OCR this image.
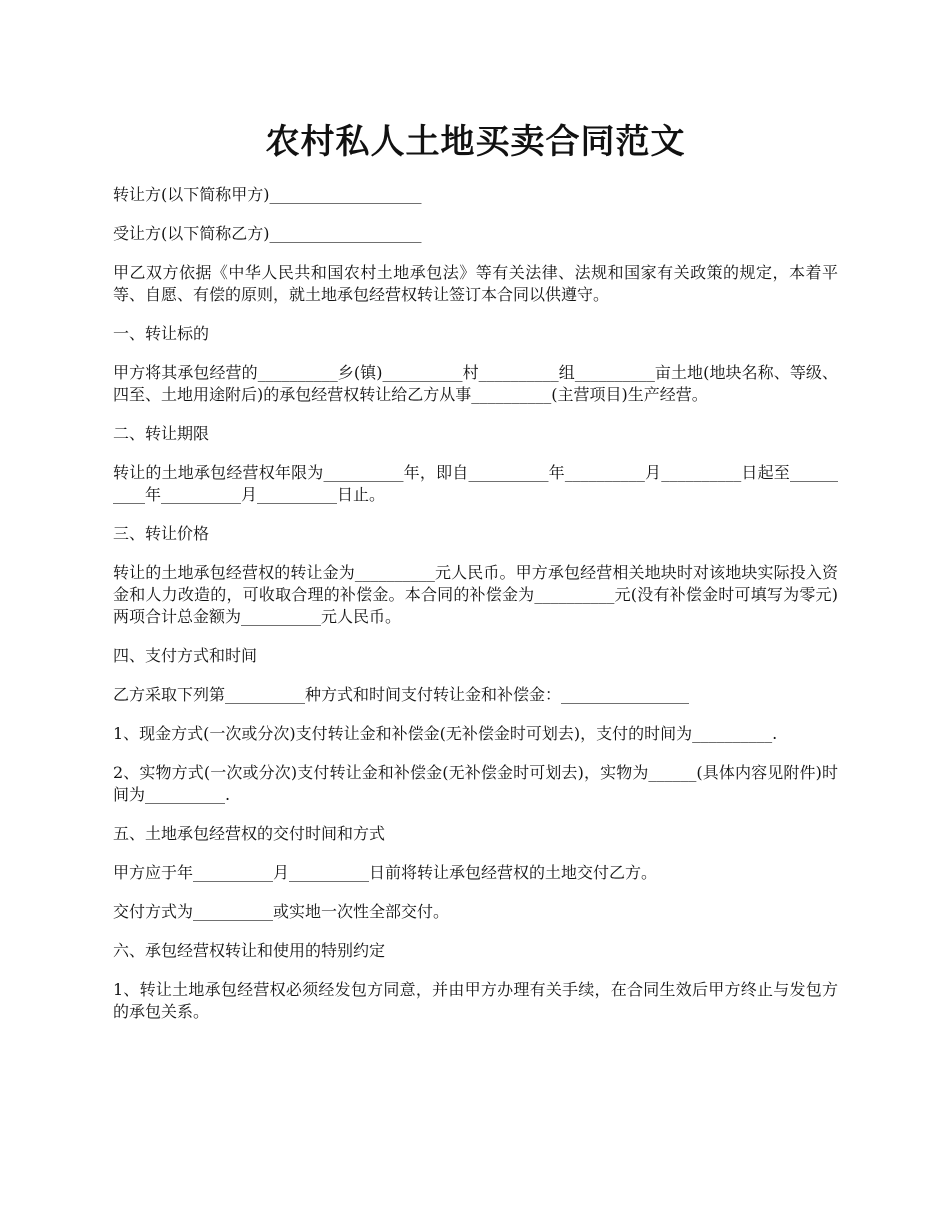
农村私人土地买卖合同范文

转让方(以下简称甲方)___________________

受让方(以下简称乙方)___________________

甲乙双方依据《中华人民共和国农村土地承包法》等有关法律、法规和国家有关政策的规定，本着平等、自愿、有偿的原则，就土地承包经营权转让签订本合同以供遵守。

一、转让标的

甲方将其承包经营的__________乡(镇)__________村__________组__________亩土地(地块名称、等级、四至、土地用途附后)的承包经营权转让给乙方从事__________(主营项目)生产经营。

二、转让期限

转让的土地承包经营权年限为__________年，即自__________年__________月__________日起至__________年__________月__________日止。

三、转让价格

转让的土地承包经营权的转让金为__________元人民币。甲方承包经营相关地块时对该地块实际投入资金和人力改造的，可收取合理的补偿金。本合同的补偿金为__________元(没有补偿金时可填写为零元)两项合计总金额为__________元人民币。

四、支付方式和时间

乙方采取下列第__________种方式和时间支付转让金和补偿金：________________

1、现金方式(一次或分次)支付转让金和补偿金(无补偿金时可划去)，支付的时间为__________.

2、实物方式(一次或分次)支付转让金和补偿金(无补偿金时可划去)，实物为______(具体内容见附件)时间为__________.

五、土地承包经营权的交付时间和方式

甲方应于年__________月__________日前将转让承包经营权的土地交付乙方。

交付方式为__________或实地一次性全部交付。

六、承包经营权转让和使用的特别约定

1、转让土地承包经营权必须经发包方同意，并由甲方办理有关手续，在合同生效后甲方终止与发包方的承包关系。
